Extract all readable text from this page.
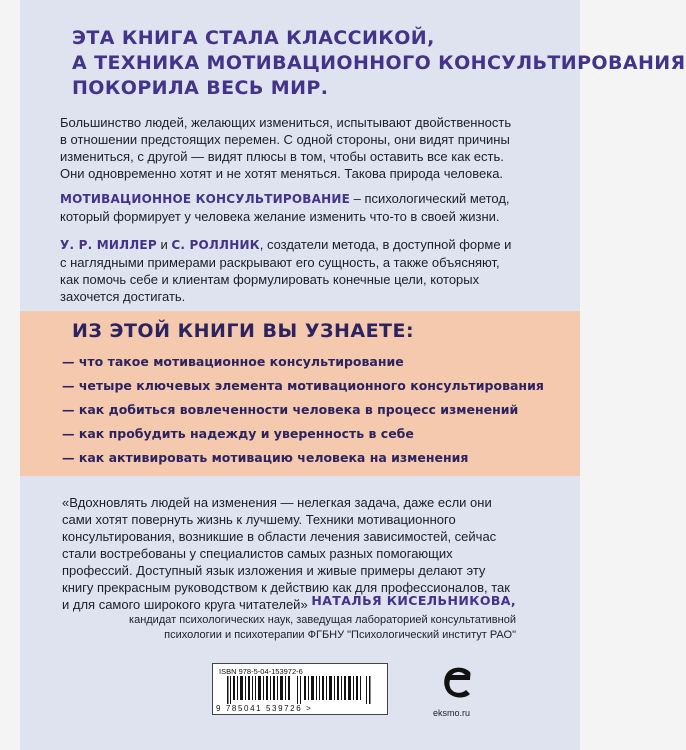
ЭТА КНИГА СТАЛА КЛАССИКОЙ,
А ТЕХНИКА МОТИВАЦИОННОГО КОНСУЛЬТИРОВАНИЯ
ПОКОРИЛА ВЕСЬ МИР.
Большинство людей, желающих измениться, испытывают двойственность в отношении предстоящих перемен. С одной стороны, они видят причины измениться, с другой — видят плюсы в том, чтобы оставить все как есть. Они одновременно хотят и не хотят меняться. Такова природа человека.
МОТИВАЦИОННОЕ КОНСУЛЬТИРОВАНИЕ – психологический метод, который формирует у человека желание изменить что-то в своей жизни.
У. Р. МИЛЛЕР и С. РОЛЛНИК, создатели метода, в доступной форме и с наглядными примерами раскрывают его сущность, а также объясняют, как помочь себе и клиентам формулировать конечные цели, которых захочется достигать.
ИЗ ЭТОЙ КНИГИ ВЫ УЗНАЕТЕ:
— что такое мотивационное консультирование
— четыре ключевых элемента мотивационного консультирования
— как добиться вовлеченности человека в процесс изменений
— как пробудить надежду и уверенность в себе
— как активировать мотивацию человека на изменения
«Вдохновлять людей на изменения — нелегкая задача, даже если они сами хотят повернуть жизнь к лучшему. Техники мотивационного консультирования, возникшие в области лечения зависимостей, сейчас стали востребованы у специалистов самых разных помогающих профессий. Доступный язык изложения и живые примеры делают эту книгу прекрасным руководством к действию как для профессионалов, так и для самого широкого круга читателей» НАТАЛЬЯ КИСЕЛЬНИКОВА,
кандидат психологических наук, заведущая лабораторией консультативной психологии и психотерапии ФГБНУ "Психологический институт РАО"
ISBN 978-5-04-153972-6
9 785041 539726 >	eksmo.ru
